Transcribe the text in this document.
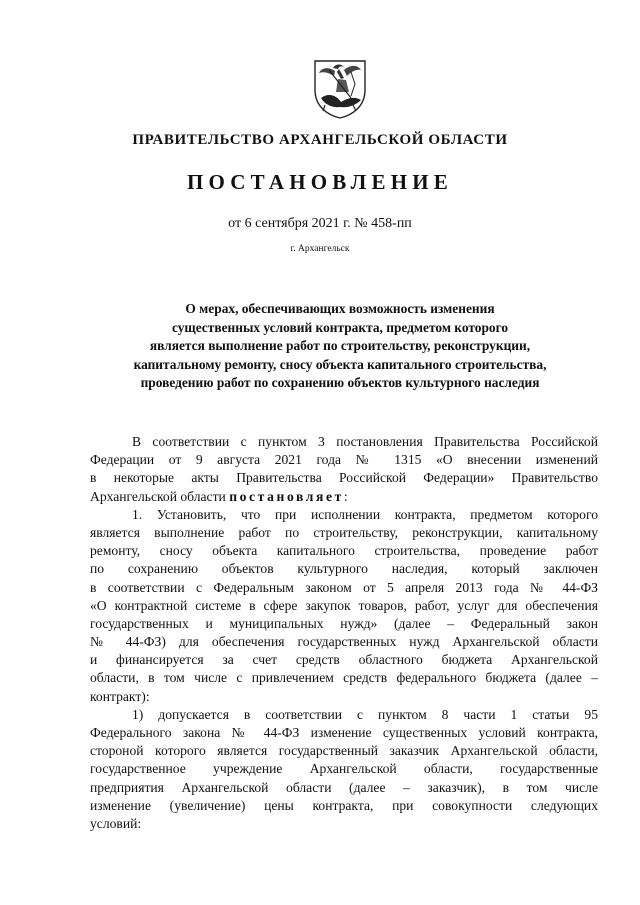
ПРАВИТЕЛЬСТВО АРХАНГЕЛЬСКОЙ ОБЛАСТИ
ПОСТАНОВЛЕНИЕ
от 6 сентября 2021 г. № 458-пп
г. Архангельск
О мерах, обеспечивающих возможность изменения
существенных условий контракта, предметом которого
является выполнение работ по строительству, реконструкции,
капитальному ремонту, сносу объекта капитального строительства,
проведению работ по сохранению объектов культурного наследия
В соответствии с пунктом 3 постановления Правительства Российской
Федерации от 9 августа 2021 года № 1315 «О внесении изменений
в некоторые акты Правительства Российской Федерации» Правительство
Архангельской области постановляет:
1. Установить, что при исполнении контракта, предметом которого
является выполнение работ по строительству, реконструкции, капитальному
ремонту, сносу объекта капитального строительства, проведение работ
по сохранению объектов культурного наследия, который заключен
в соответствии с Федеральным законом от 5 апреля 2013 года № 44-ФЗ
«О контрактной системе в сфере закупок товаров, работ, услуг для обеспечения
государственных и муниципальных нужд» (далее – Федеральный закон
№ 44-ФЗ) для обеспечения государственных нужд Архангельской области
и финансируется за счет средств областного бюджета Архангельской
области, в том числе с привлечением средств федерального бюджета (далее –
контракт):
1) допускается в соответствии с пунктом 8 части 1 статьи 95
Федерального закона № 44-ФЗ изменение существенных условий контракта,
стороной которого является государственный заказчик Архангельской области,
государственное учреждение Архангельской области, государственные
предприятия Архангельской области (далее – заказчик), в том числе
изменение (увеличение) цены контракта, при совокупности следующих
условий:
